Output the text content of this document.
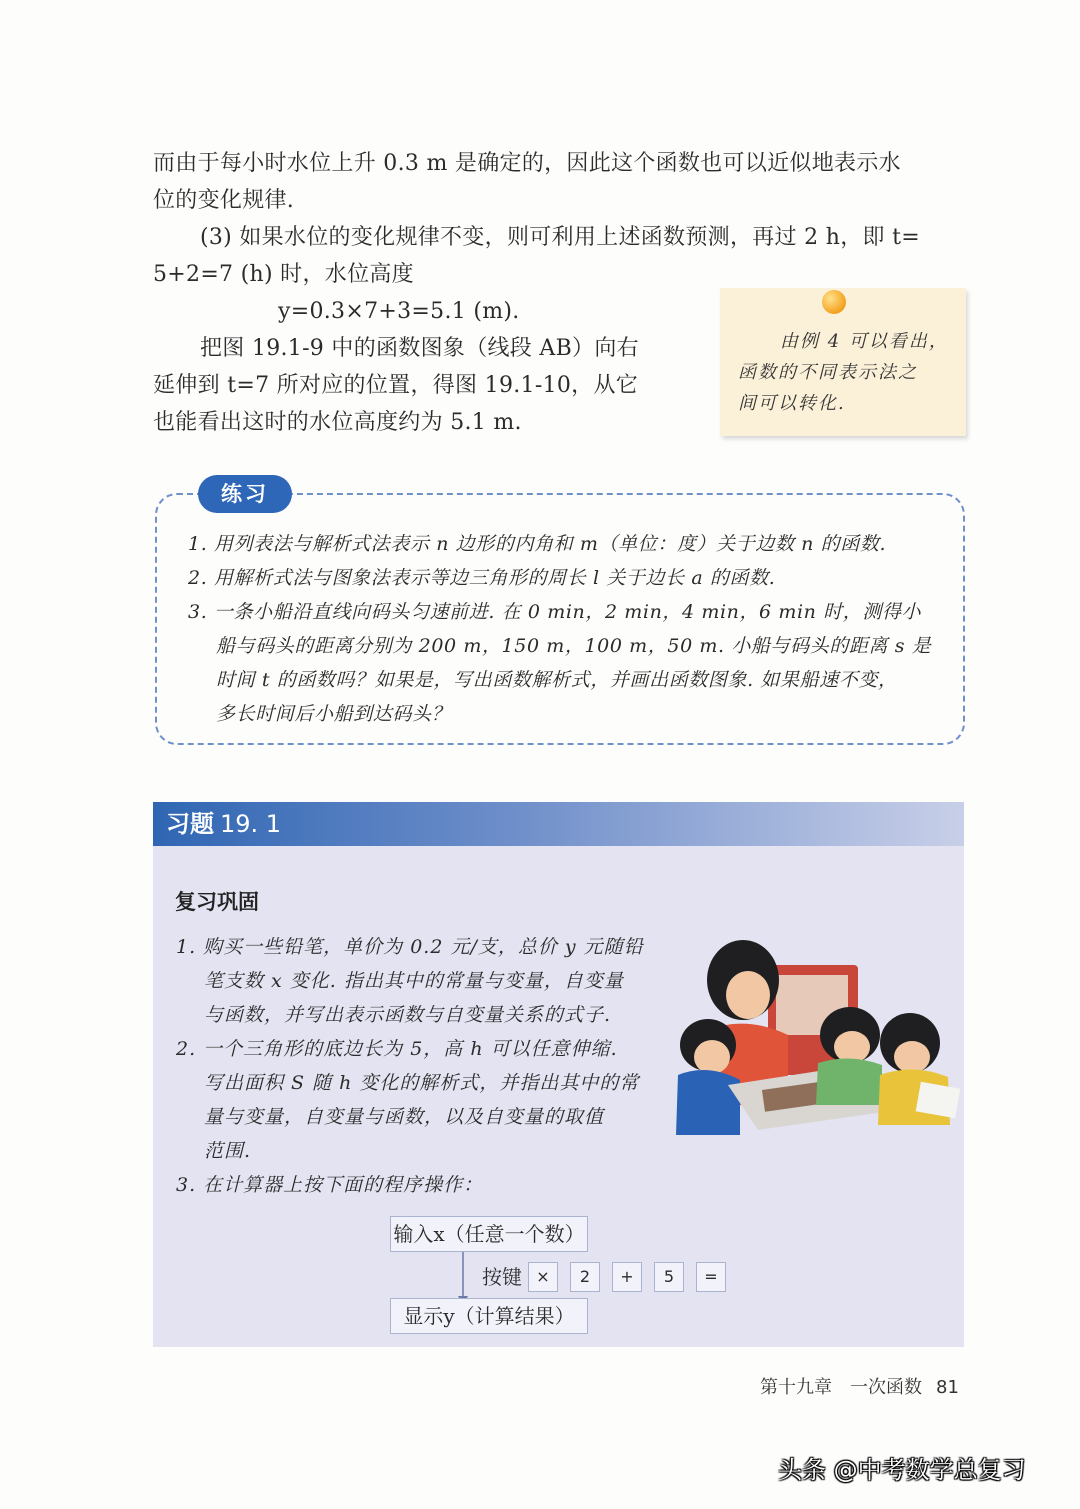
而由于每小时水位上升 0.3 m 是确定的，因此这个函数也可以近似地表示水
位的变化规律.
(3) 如果水位的变化规律不变，则可利用上述函数预测，再过 2 h，即 t=
5+2=7 (h) 时，水位高度
y=0.3×7+3=5.1 (m).
把图 19.1-9 中的函数图象（线段 AB）向右
延伸到 t=7 所对应的位置，得图 19.1-10，从它
也能看出这时的水位高度约为 5.1 m.
由例 4 可以看出，
函数的不同表示法之
间可以转化.
练习
1. 用列表法与解析式法表示 n 边形的内角和 m（单位：度）关于边数 n 的函数.
2. 用解析式法与图象法表示等边三角形的周长 l 关于边长 a 的函数.
3. 一条小船沿直线向码头匀速前进. 在 0 min，2 min，4 min，6 min 时，测得小
船与码头的距离分别为 200 m，150 m，100 m，50 m. 小船与码头的距离 s 是
时间 t 的函数吗？如果是，写出函数解析式，并画出函数图象. 如果船速不变，
多长时间后小船到达码头？
习题 19. 1
复习巩固
1. 购买一些铅笔，单价为 0.2 元/支，总价 y 元随铅
笔支数 x 变化. 指出其中的常量与变量，自变量
与函数，并写出表示函数与自变量关系的式子.
2. 一个三角形的底边长为 5，高 h 可以任意伸缩.
写出面积 S 随 h 变化的解析式，并指出其中的常
量与变量，自变量与函数，以及自变量的取值
范围.
3. 在计算器上按下面的程序操作：
输入x（任意一个数）
按键 ×	2	+	5	=
显示y（计算结果）
第十九章　一次函数 81
头条 @中考数学总复习
